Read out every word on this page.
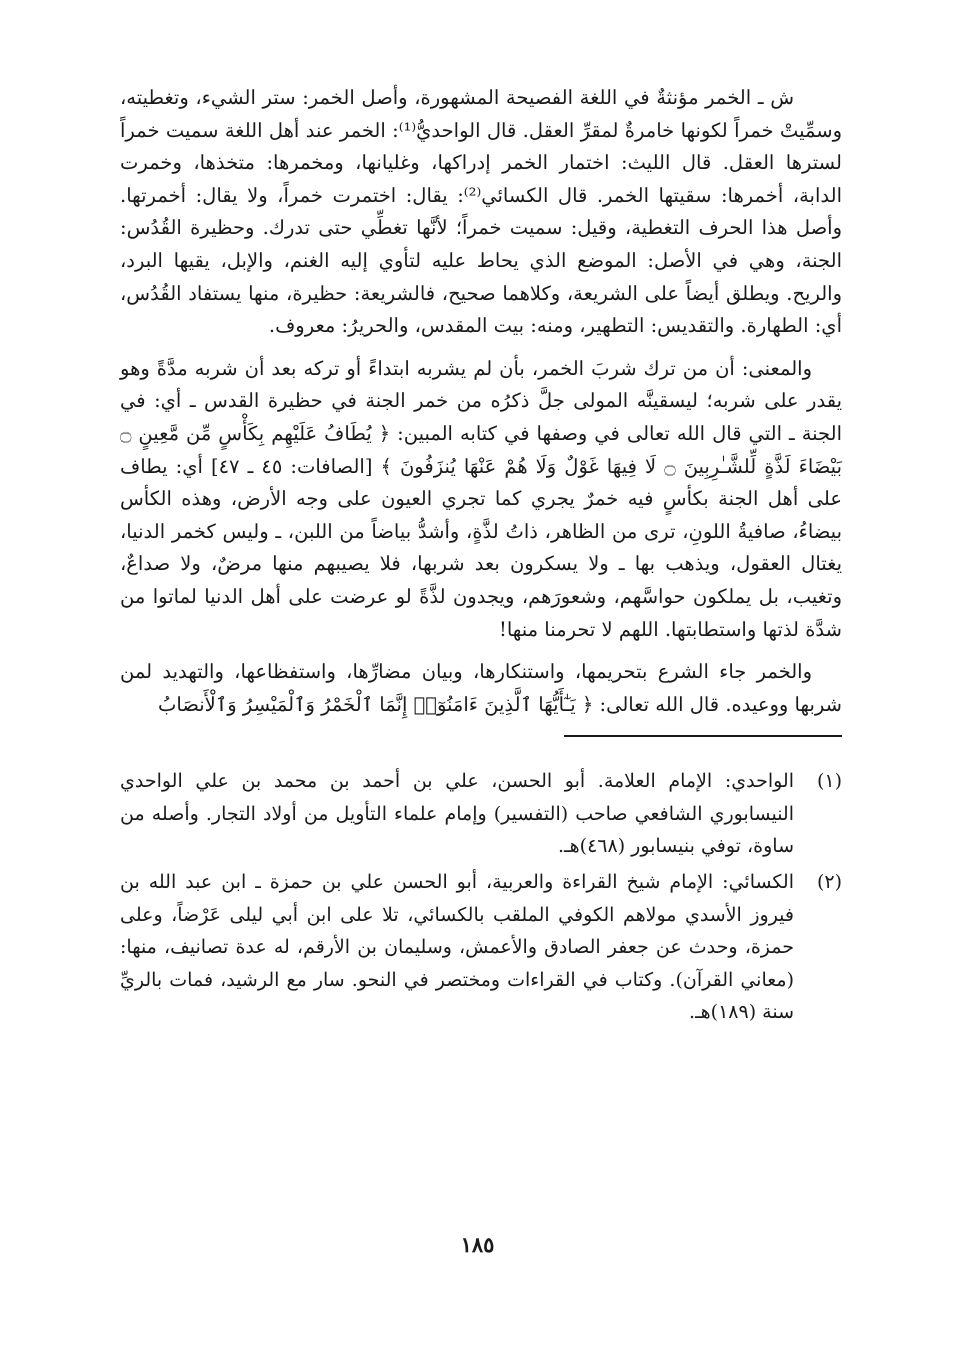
ش ـ الخمر مؤنثةٌ في اللغة الفصيحة المشهورة، وأصل الخمر: ستر الشيء، وتغطيته، وسمِّيتْ خمراً لكونها خامرةٌ لمقرِّ العقل. قال الواحديُّ⁽¹⁾: الخمر عند أهل اللغة سميت خمراً لسترها العقل. قال الليث: اختمار الخمر إدراكها، وغليانها، ومخمرها: متخذها، وخمرت الدابة، أخمرها: سقيتها الخمر. قال الكسائي⁽²⁾: يقال: اختمرت خمراً، ولا يقال: أخمرتها. وأصل هذا الحرف التغطية، وقيل: سميت خمراً؛ لأنَّها تغطِّي حتى تدرك. وحظيرة القُدُس: الجنة، وهي في الأصل: الموضع الذي يحاط عليه لتأوي إليه الغنم، والإبل، يقيها البرد، والريح. ويطلق أيضاً على الشريعة، وكلاهما صحيح، فالشريعة: حظيرة، منها يستفاد القُدُس، أي: الطهارة. والتقديس: التطهير، ومنه: بيت المقدس، والحريرُ: معروف.

والمعنى: أن من ترك شربَ الخمر، بأن لم يشربه ابتداءً أو تركه بعد أن شربه مدَّةً وهو يقدر على شربه؛ ليسقينَّه المولى جلَّ ذكرُه من خمر الجنة في حظيرة القدس ـ أي: في الجنة ـ التي قال الله تعالى في وصفها في كتابه المبين: ﴿ يُطَافُ عَلَيْهِم بِكَأْسٍ مِّن مَّعِينٍ ۝ بَيْضَاءَ لَذَّةٍ لِّلشَّـٰرِبِينَ ۝ لَا فِيهَا غَوْلٌ وَلَا هُمْ عَنْهَا يُنزَفُونَ ﴾ [الصافات: ٤٥ ـ ٤٧] أي: يطاف على أهل الجنة بكأسٍ فيه خمرٌ يجري كما تجري العيون على وجه الأرض، وهذه الكأس بيضاءُ، صافيةُ اللونِ، ترى من الظاهر، ذاتُ لذَّةٍ، وأشدُّ بياضاً من اللبن، ـ وليس كخمر الدنيا، يغتال العقول، ويذهب بها ـ ولا يسكرون بعد شربها، فلا يصيبهم منها مرضٌ، ولا صداعٌ، وتغيب، بل يملكون حواسَّهم، وشعورَهم، ويجدون لذَّةً لو عرضت على أهل الدنيا لماتوا من شدَّة لذتها واستطابتها. اللهم لا تحرمنا منها!

والخمر جاء الشرع بتحريمها، واستنكارها، وبيان مضارِّها، واستفظاعها، والتهديد لمن شربها ووعيده. قال الله تعالى: ﴿ يَـٰٓأَيُّهَا ٱلَّذِينَ ءَامَنُوٓا۟ إِنَّمَا ٱلْخَمْرُ وَٱلْمَيْسِرُ وَٱلْأَنصَابُ

(١)
الواحدي: الإمام العلامة. أبو الحسن، علي بن أحمد بن محمد بن علي الواحدي النيسابوري الشافعي صاحب (التفسير) وإمام علماء التأويل من أولاد التجار. وأصله من ساوة، توفي بنيسابور (٤٦٨)هـ.
(٢)
الكسائي: الإمام شيخ القراءة والعربية، أبو الحسن علي بن حمزة ـ ابن عبد الله بن فيروز الأسدي مولاهم الكوفي الملقب بالكسائي، تلا على ابن أبي ليلى عَرْضاً، وعلى حمزة، وحدث عن جعفر الصادق والأعمش، وسليمان بن الأرقم، له عدة تصانيف، منها: (معاني القرآن). وكتاب في القراءات ومختصر في النحو. سار مع الرشيد، فمات بالريِّ سنة (١٨٩)هـ.
١٨٥
